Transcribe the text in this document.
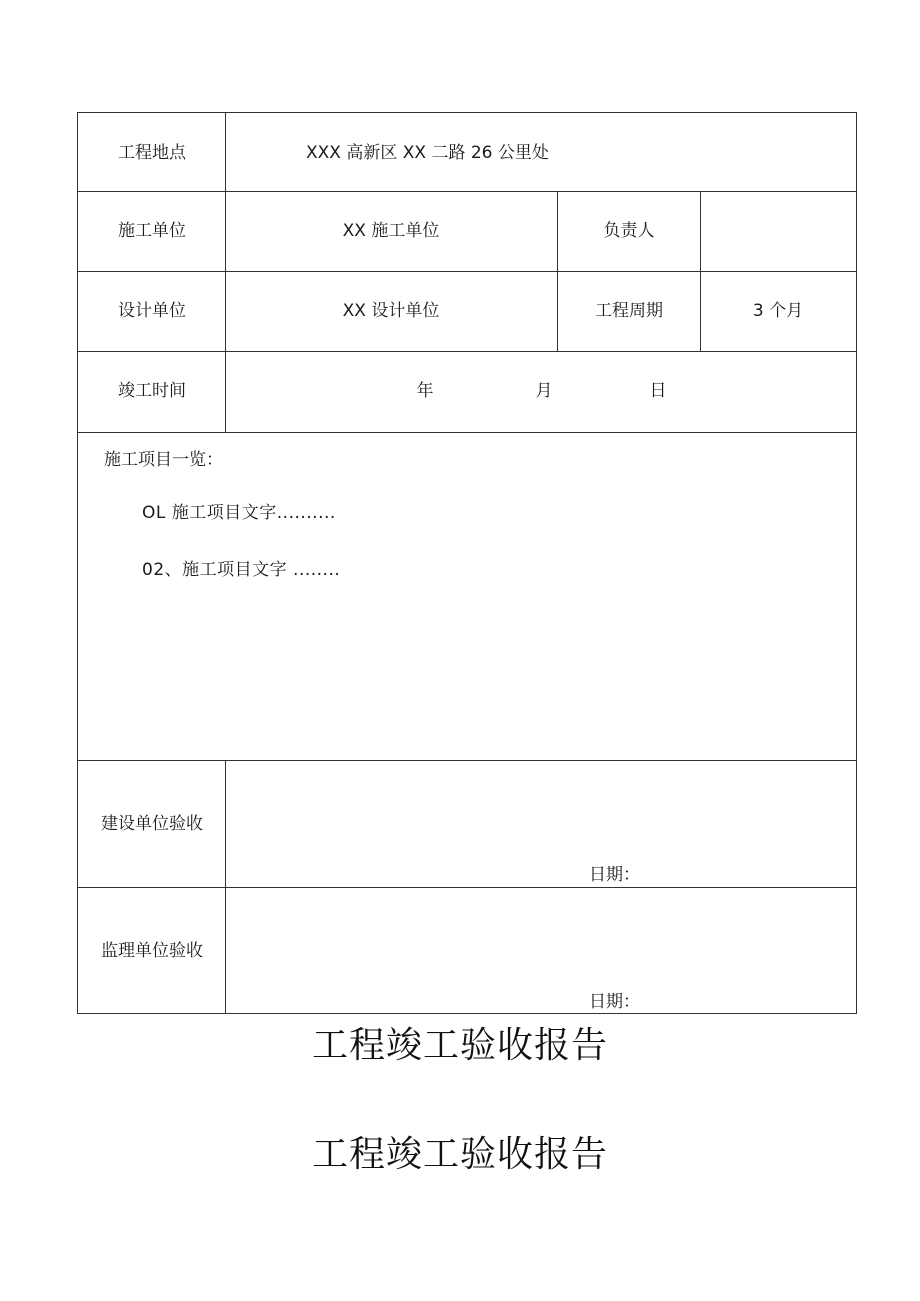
工程地点	XXX 高新区 XX 二路 26 公里处
施工单位	XX 施工单位	负责人
设计单位	XX 设计单位	工程周期	3 个月
竣工时间	年	月	日
施工项目一览：
OL 施工项目文字..........
02、施工项目文字 ........
建设单位验收
日期：
监理单位验收
日期：
工程竣工验收报告
工程竣工验收报告
